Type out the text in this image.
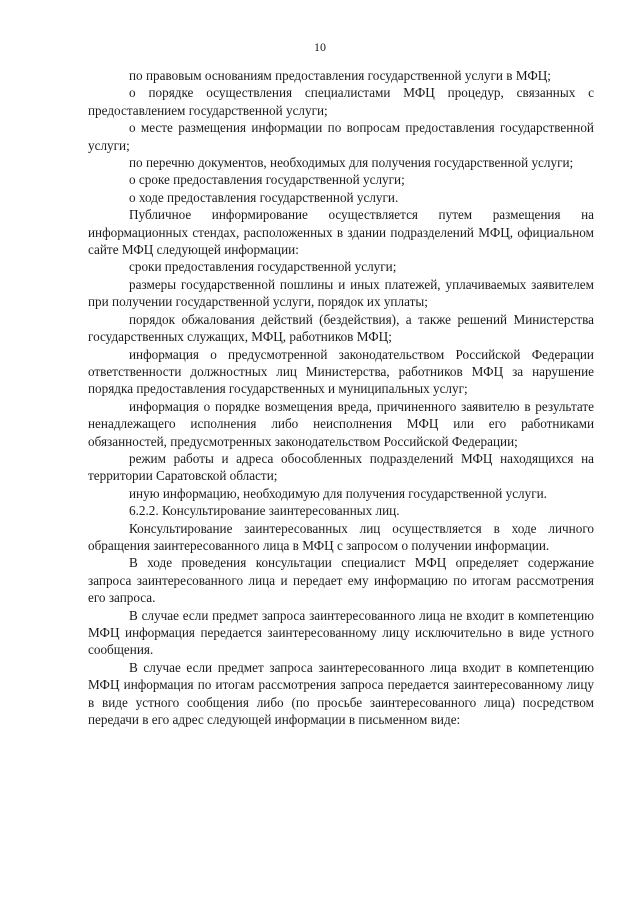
10

по правовым основаниям предоставления государственной услуги в МФЦ;

о порядке осуществления специалистами МФЦ процедур, связанных с предоставлением государственной услуги;

о месте размещения информации по вопросам предоставления государственной услуги;

по перечню документов, необходимых для получения государственной услуги;

о сроке предоставления государственной услуги;

о ходе предоставления государственной услуги.

Публичное информирование осуществляется путем размещения на информационных стендах, расположенных в здании подразделений МФЦ, официальном сайте МФЦ следующей информации:

сроки предоставления государственной услуги;

размеры государственной пошлины и иных платежей, уплачиваемых заявителем при получении государственной услуги, порядок их уплаты;

порядок обжалования действий (бездействия), а также решений Министерства государственных служащих, МФЦ, работников МФЦ;

информация о предусмотренной законодательством Российской Федерации ответственности должностных лиц Министерства, работников МФЦ за нарушение порядка предоставления государственных и муниципальных услуг;

информация о порядке возмещения вреда, причиненного заявителю в результате ненадлежащего исполнения либо неисполнения МФЦ или его работниками обязанностей, предусмотренных законодательством Российской Федерации;

режим работы и адреса обособленных подразделений МФЦ находящихся на территории Саратовской области;

иную информацию, необходимую для получения государственной услуги.

6.2.2. Консультирование заинтересованных лиц.

Консультирование заинтересованных лиц осуществляется в ходе личного обращения заинтересованного лица в МФЦ с запросом о получении информации.

В ходе проведения консультации специалист МФЦ определяет содержание запроса заинтересованного лица и передает ему информацию по итогам рассмотрения его запроса.

В случае если предмет запроса заинтересованного лица не входит в компетенцию МФЦ информация передается заинтересованному лицу исключительно в виде устного сообщения.

В случае если предмет запроса заинтересованного лица входит в компетенцию МФЦ информация по итогам рассмотрения запроса передается заинтересованному лицу в виде устного сообщения либо (по просьбе заинтересованного лица) посредством передачи в его адрес следующей информации в письменном виде:
